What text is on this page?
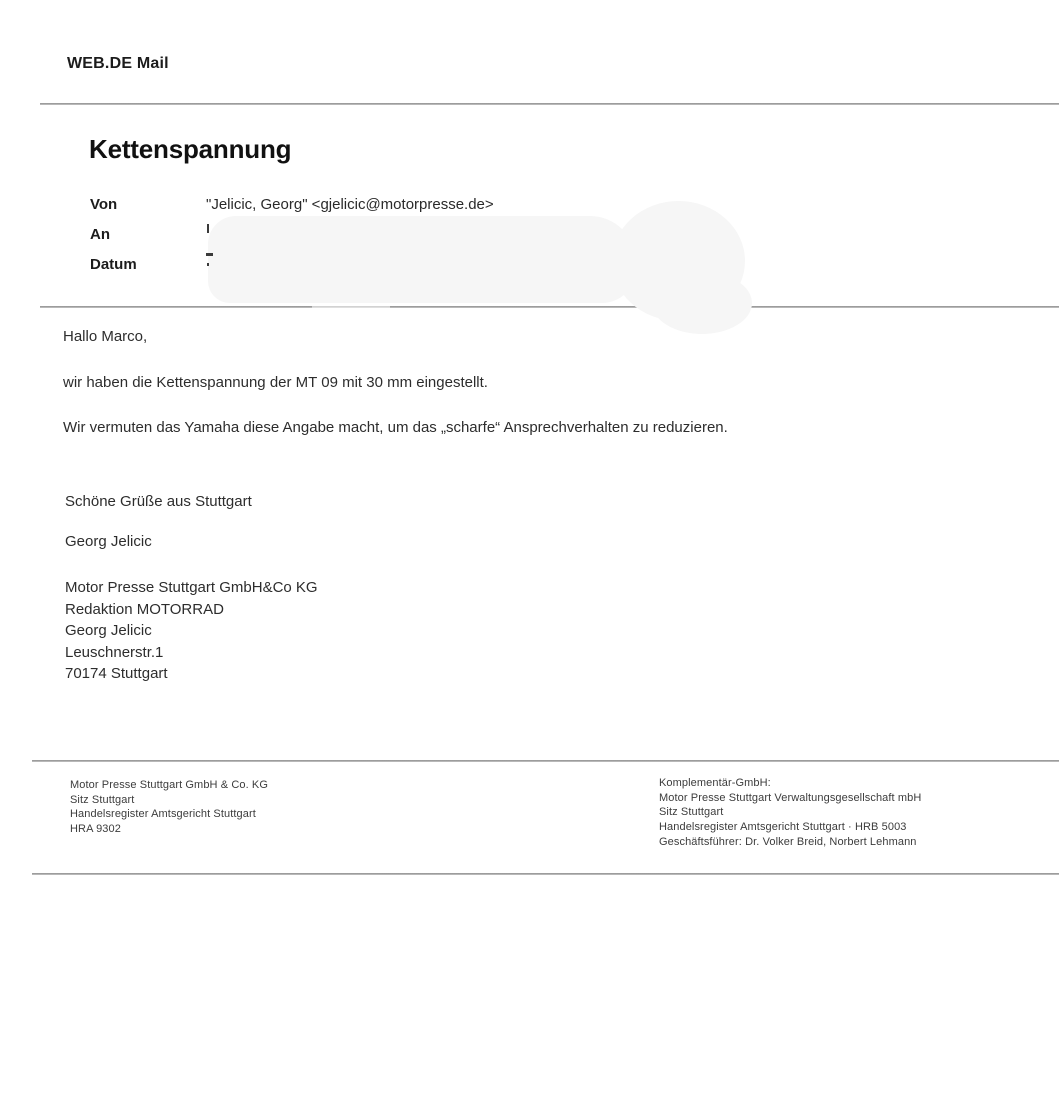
WEB.DE Mail
Kettenspannung
Von	"Jelicic, Georg" <gjelicic@motorpresse.de>
An
Datum
Hallo Marco,
wir haben die Kettenspannung der MT 09 mit 30 mm eingestellt.
Wir vermuten das Yamaha diese Angabe macht, um das „scharfe“ Ansprechverhalten zu reduzieren.
Schöne Grüße aus Stuttgart
Georg Jelicic
Motor Presse Stuttgart GmbH&Co KG
Redaktion MOTORRAD
Georg Jelicic
Leuschnerstr.1
70174 Stuttgart
Motor Presse Stuttgart GmbH & Co. KG
Sitz Stuttgart
Handelsregister Amtsgericht Stuttgart
HRA 9302
Komplementär-GmbH:
Motor Presse Stuttgart Verwaltungsgesellschaft mbH
Sitz Stuttgart
Handelsregister Amtsgericht Stuttgart · HRB 5003
Geschäftsführer: Dr. Volker Breid, Norbert Lehmann
